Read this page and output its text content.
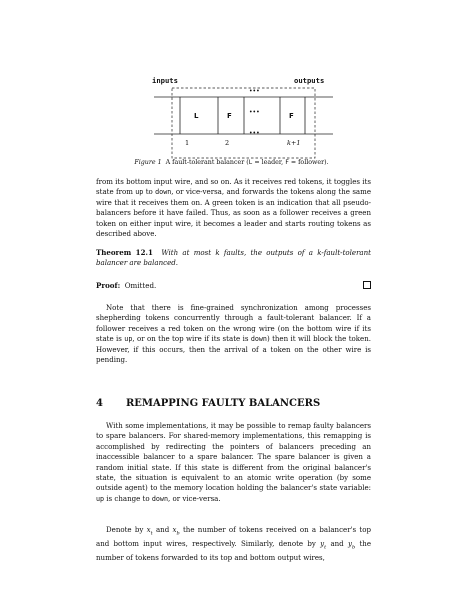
inputs	outputs
L	F	F
•••
•••
•••
1	2	k+1
Figure 1 A fault-tolerant balancer (L = leader, F = follower).

from its bottom input wire, and so on. As it receives red tokens, it toggles its state from up to down, or vice-versa, and forwards the tokens along the same wire that it receives them on. A green token is an indication that all pseudo-balancers before it have failed. Thus, as soon as a follower receives a green token on either input wire, it becomes a leader and starts routing tokens as described above.

Theorem 12.1 With at most k faults, the outputs of a k-fault-tolerant balancer are balanced.

Proof: Omitted.

Note that there is fine-grained synchronization among processes shepherding tokens concurrently through a fault-tolerant balancer. If a follower receives a red token on the wrong wire (on the bottom wire if its state is up, or on the top wire if its state is down) then it will block the token. However, if this occurs, then the arrival of a token on the other wire is pending.

4 REMAPPING FAULTY BALANCERS

With some implementations, it may be possible to remap faulty balancers to spare balancers. For shared-memory implementations, this remapping is accomplished by redirecting the pointers of balancers preceding an inaccessible balancer to a spare balancer. The spare balancer is given a random initial state. If this state is different from the original balancer's state, the situation is equivalent to an atomic write operation (by some outside agent) to the memory location holding the balancer's state variable: up is change to down, or vice-versa.

Denote by $x_t$ and $x_b$ the number of tokens received on a balancer's top and bottom input wires, respectively. Similarly, denote by $y_t$ and $y_b$ the number of tokens forwarded to its top and bottom output wires,
